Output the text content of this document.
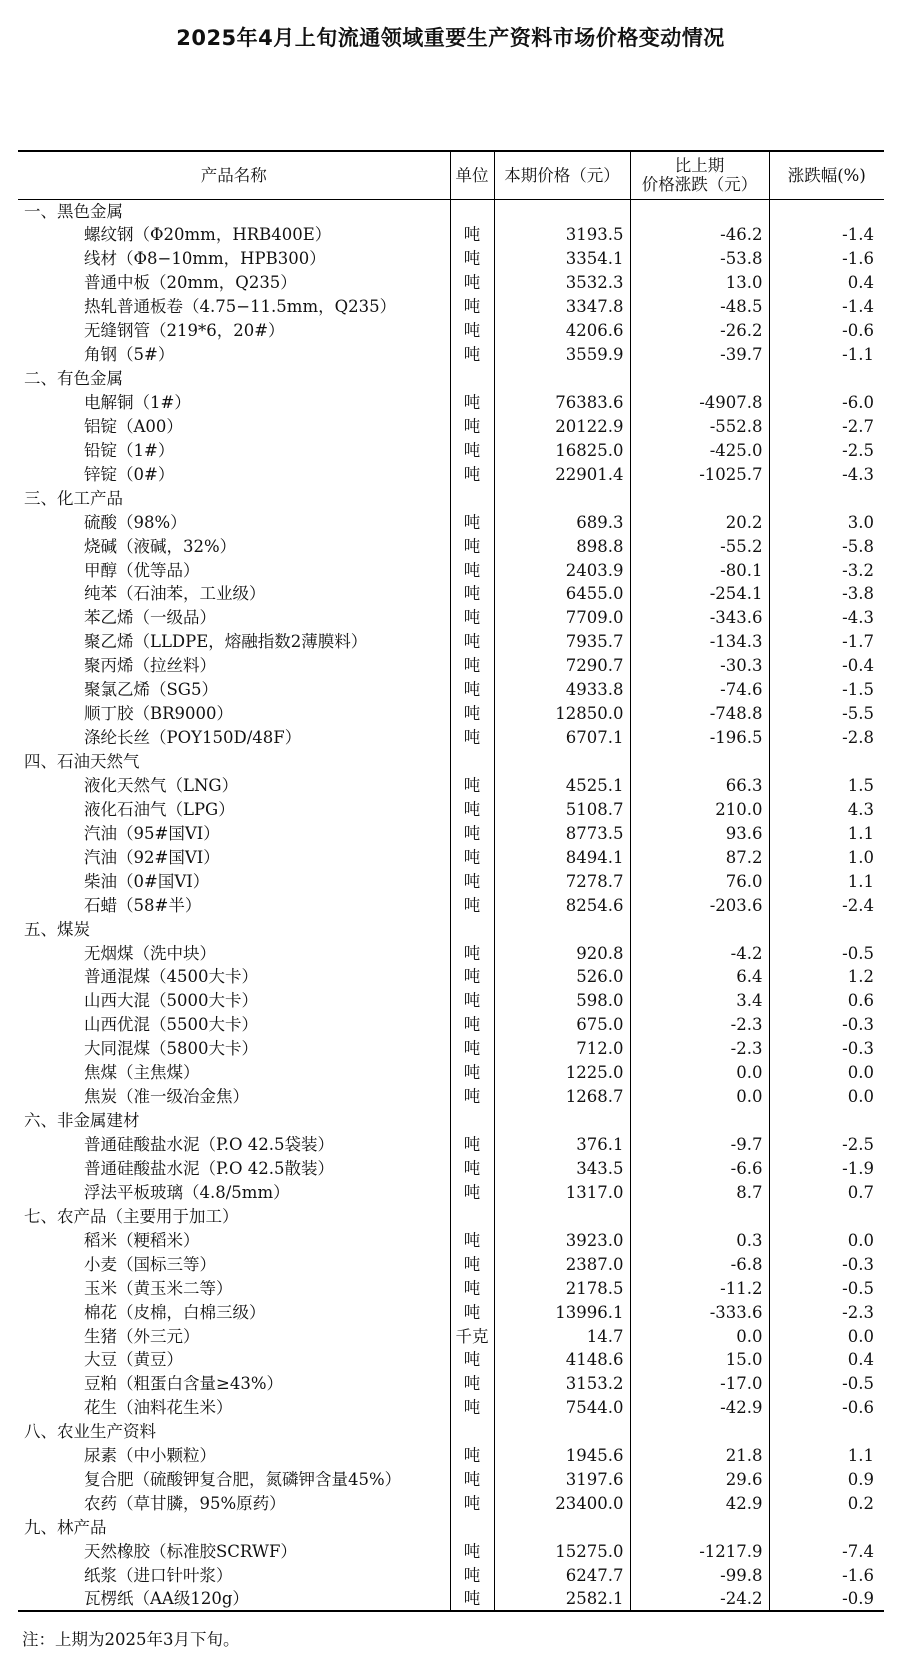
2025年4月上旬流通领域重要生产资料市场价格变动情况
产品名称	单位	本期价格（元）	比上期
价格涨跌（元）	涨跌幅(%)
一、黑色金属				
螺纹钢（Φ20mm，HRB400E）	吨	3193.5	-46.2	-1.4
线材（Φ8−10mm，HPB300）	吨	3354.1	-53.8	-1.6
普通中板（20mm，Q235）	吨	3532.3	13.0	0.4
热轧普通板卷（4.75−11.5mm，Q235）	吨	3347.8	-48.5	-1.4
无缝钢管（219*6，20#）	吨	4206.6	-26.2	-0.6
角钢（5#）	吨	3559.9	-39.7	-1.1
二、有色金属				
电解铜（1#）	吨	76383.6	-4907.8	-6.0
铝锭（A00）	吨	20122.9	-552.8	-2.7
铅锭（1#）	吨	16825.0	-425.0	-2.5
锌锭（0#）	吨	22901.4	-1025.7	-4.3
三、化工产品				
硫酸（98%）	吨	689.3	20.2	3.0
烧碱（液碱，32%）	吨	898.8	-55.2	-5.8
甲醇（优等品）	吨	2403.9	-80.1	-3.2
纯苯（石油苯，工业级）	吨	6455.0	-254.1	-3.8
苯乙烯（一级品）	吨	7709.0	-343.6	-4.3
聚乙烯（LLDPE，熔融指数2薄膜料）	吨	7935.7	-134.3	-1.7
聚丙烯（拉丝料）	吨	7290.7	-30.3	-0.4
聚氯乙烯（SG5）	吨	4933.8	-74.6	-1.5
顺丁胶（BR9000）	吨	12850.0	-748.8	-5.5
涤纶长丝（POY150D/48F）	吨	6707.1	-196.5	-2.8
四、石油天然气				
液化天然气（LNG）	吨	4525.1	66.3	1.5
液化石油气（LPG）	吨	5108.7	210.0	4.3
汽油（95#国VI）	吨	8773.5	93.6	1.1
汽油（92#国VI）	吨	8494.1	87.2	1.0
柴油（0#国VI）	吨	7278.7	76.0	1.1
石蜡（58#半）	吨	8254.6	-203.6	-2.4
五、煤炭				
无烟煤（洗中块）	吨	920.8	-4.2	-0.5
普通混煤（4500大卡）	吨	526.0	6.4	1.2
山西大混（5000大卡）	吨	598.0	3.4	0.6
山西优混（5500大卡）	吨	675.0	-2.3	-0.3
大同混煤（5800大卡）	吨	712.0	-2.3	-0.3
焦煤（主焦煤）	吨	1225.0	0.0	0.0
焦炭（准一级冶金焦）	吨	1268.7	0.0	0.0
六、非金属建材				
普通硅酸盐水泥（P.O 42.5袋装）	吨	376.1	-9.7	-2.5
普通硅酸盐水泥（P.O 42.5散装）	吨	343.5	-6.6	-1.9
浮法平板玻璃（4.8/5mm）	吨	1317.0	8.7	0.7
七、农产品（主要用于加工）				
稻米（粳稻米）	吨	3923.0	0.3	0.0
小麦（国标三等）	吨	2387.0	-6.8	-0.3
玉米（黄玉米二等）	吨	2178.5	-11.2	-0.5
棉花（皮棉，白棉三级）	吨	13996.1	-333.6	-2.3
生猪（外三元）	千克	14.7	0.0	0.0
大豆（黄豆）	吨	4148.6	15.0	0.4
豆粕（粗蛋白含量≥43%）	吨	3153.2	-17.0	-0.5
花生（油料花生米）	吨	7544.0	-42.9	-0.6
八、农业生产资料				
尿素（中小颗粒）	吨	1945.6	21.8	1.1
复合肥（硫酸钾复合肥，氮磷钾含量45%）	吨	3197.6	29.6	0.9
农药（草甘膦，95%原药）	吨	23400.0	42.9	0.2
九、林产品				
天然橡胶（标准胶SCRWF）	吨	15275.0	-1217.9	-7.4
纸浆（进口针叶浆）	吨	6247.7	-99.8	-1.6
瓦楞纸（AA级120g）	吨	2582.1	-24.2	-0.9
注：上期为2025年3月下旬。
